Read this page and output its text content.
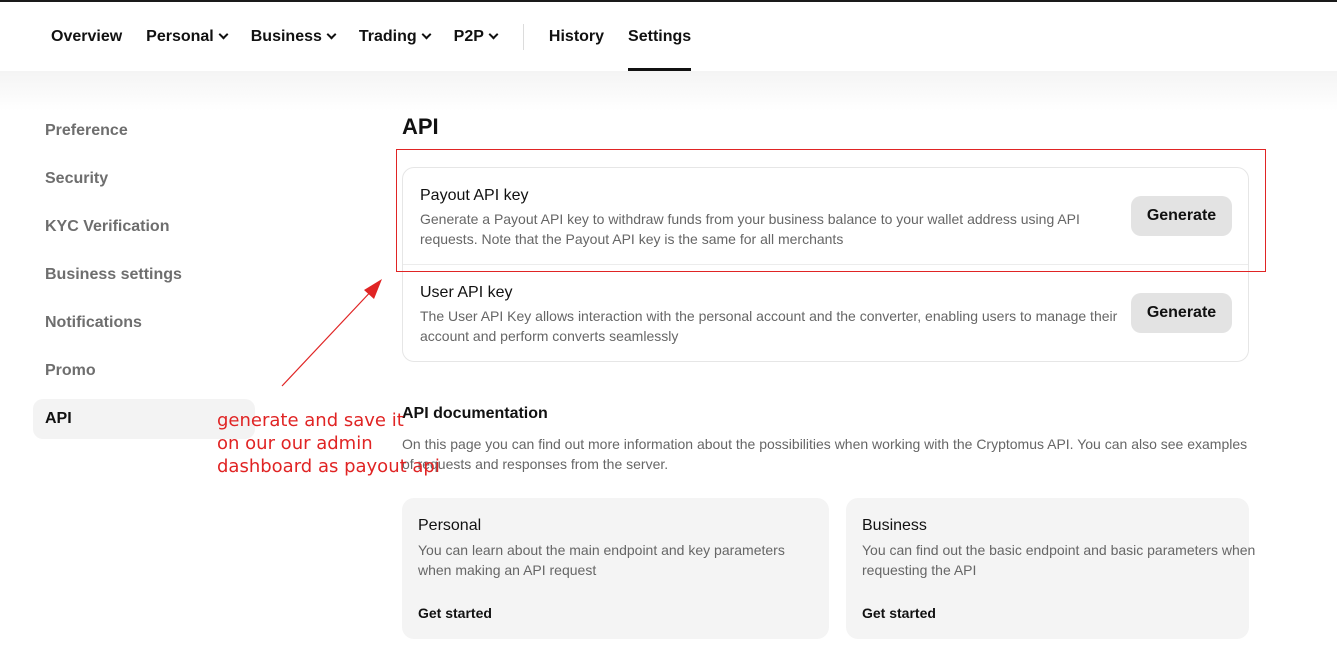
Overview Personal Business Trading P2P	History Settings
Preference
Security
KYC Verification
Business settings
Notifications
Promo
API
API
Payout API key
Generate a Payout API key to withdraw funds from your business balance to your wallet address using API requests. Note that the Payout API key is the same for all merchants
Generate
User API key
The User API Key allows interaction with the personal account and the converter, enabling users to manage their account and perform converts seamlessly
Generate
API documentation
On this page you can find out more information about the possibilities when working with the Cryptomus API. You can also see examples of requests and responses from the server.
Personal
You can learn about the main endpoint and key parameters when making an API request
Get started
Business
You can find out the basic endpoint and basic parameters when requesting the API
Get started
generate and save it
on our our admin
dashboard as payout api
